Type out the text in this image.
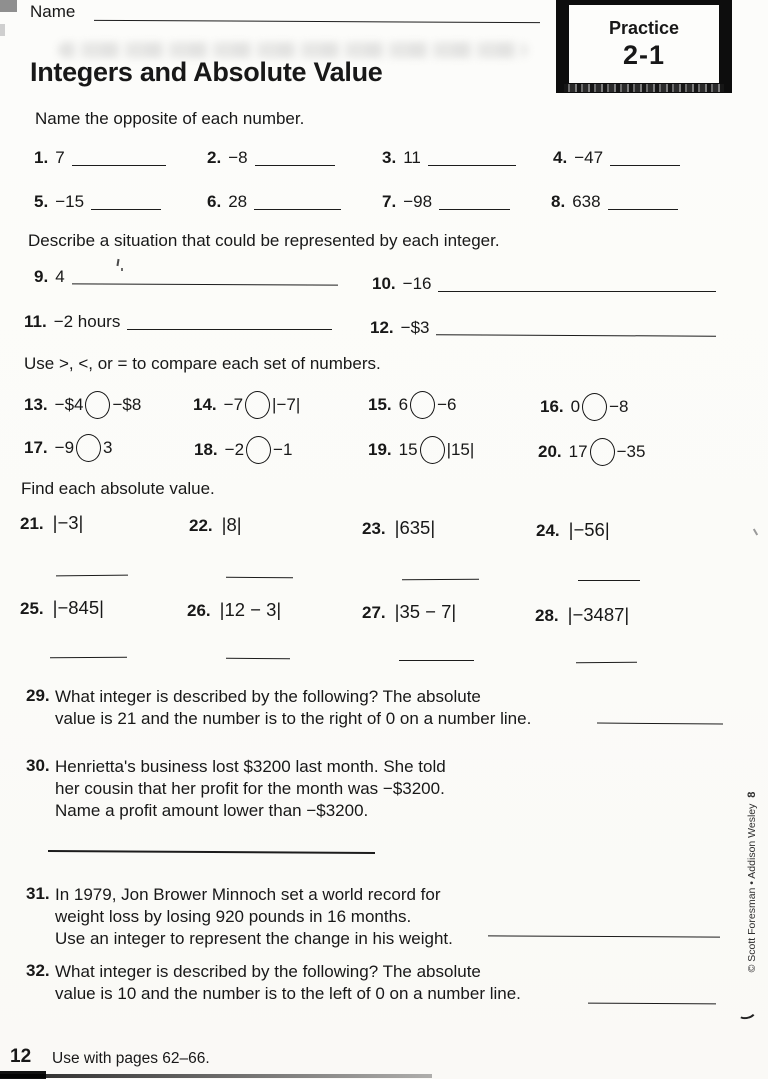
Name
Practice
2-1
Integers and Absolute Value
Name the opposite of each number.
1. 7	2. −8	3. 11	4. −47
5. −15	6. 28	7. −98	8. 638
Describe a situation that could be represented by each integer.
9. 4	10. −16
11. −2 hours	12. −$3
Use >, <, or = to compare each set of numbers.
13. −$4 −$8	14. −7 |−7|	15. 6 −6	16. 0 −8
17. −9 3	18. −2 −1	19. 15 |15|	20. 17 −35
Find each absolute value.
21. |−3|	22. |8|	23. |635|	24. |−56|
25. |−845|	26. |12 − 3|	27. |35 − 7|	28. |−3487|
29. What integer is described by the following? The absolute
value is 21 and the number is to the right of 0 on a number line.
30. Henrietta's business lost $3200 last month. She told
her cousin that her profit for the month was −$3200.
Name a profit amount lower than −$3200.
31. In 1979, Jon Brower Minnoch set a world record for
weight loss by losing 920 pounds in 16 months.
Use an integer to represent the change in his weight.
32. What integer is described by the following? The absolute
value is 10 and the number is to the left of 0 on a number line.
© Scott Foresman • Addison Wesley  8
12 Use with pages 62–66.
